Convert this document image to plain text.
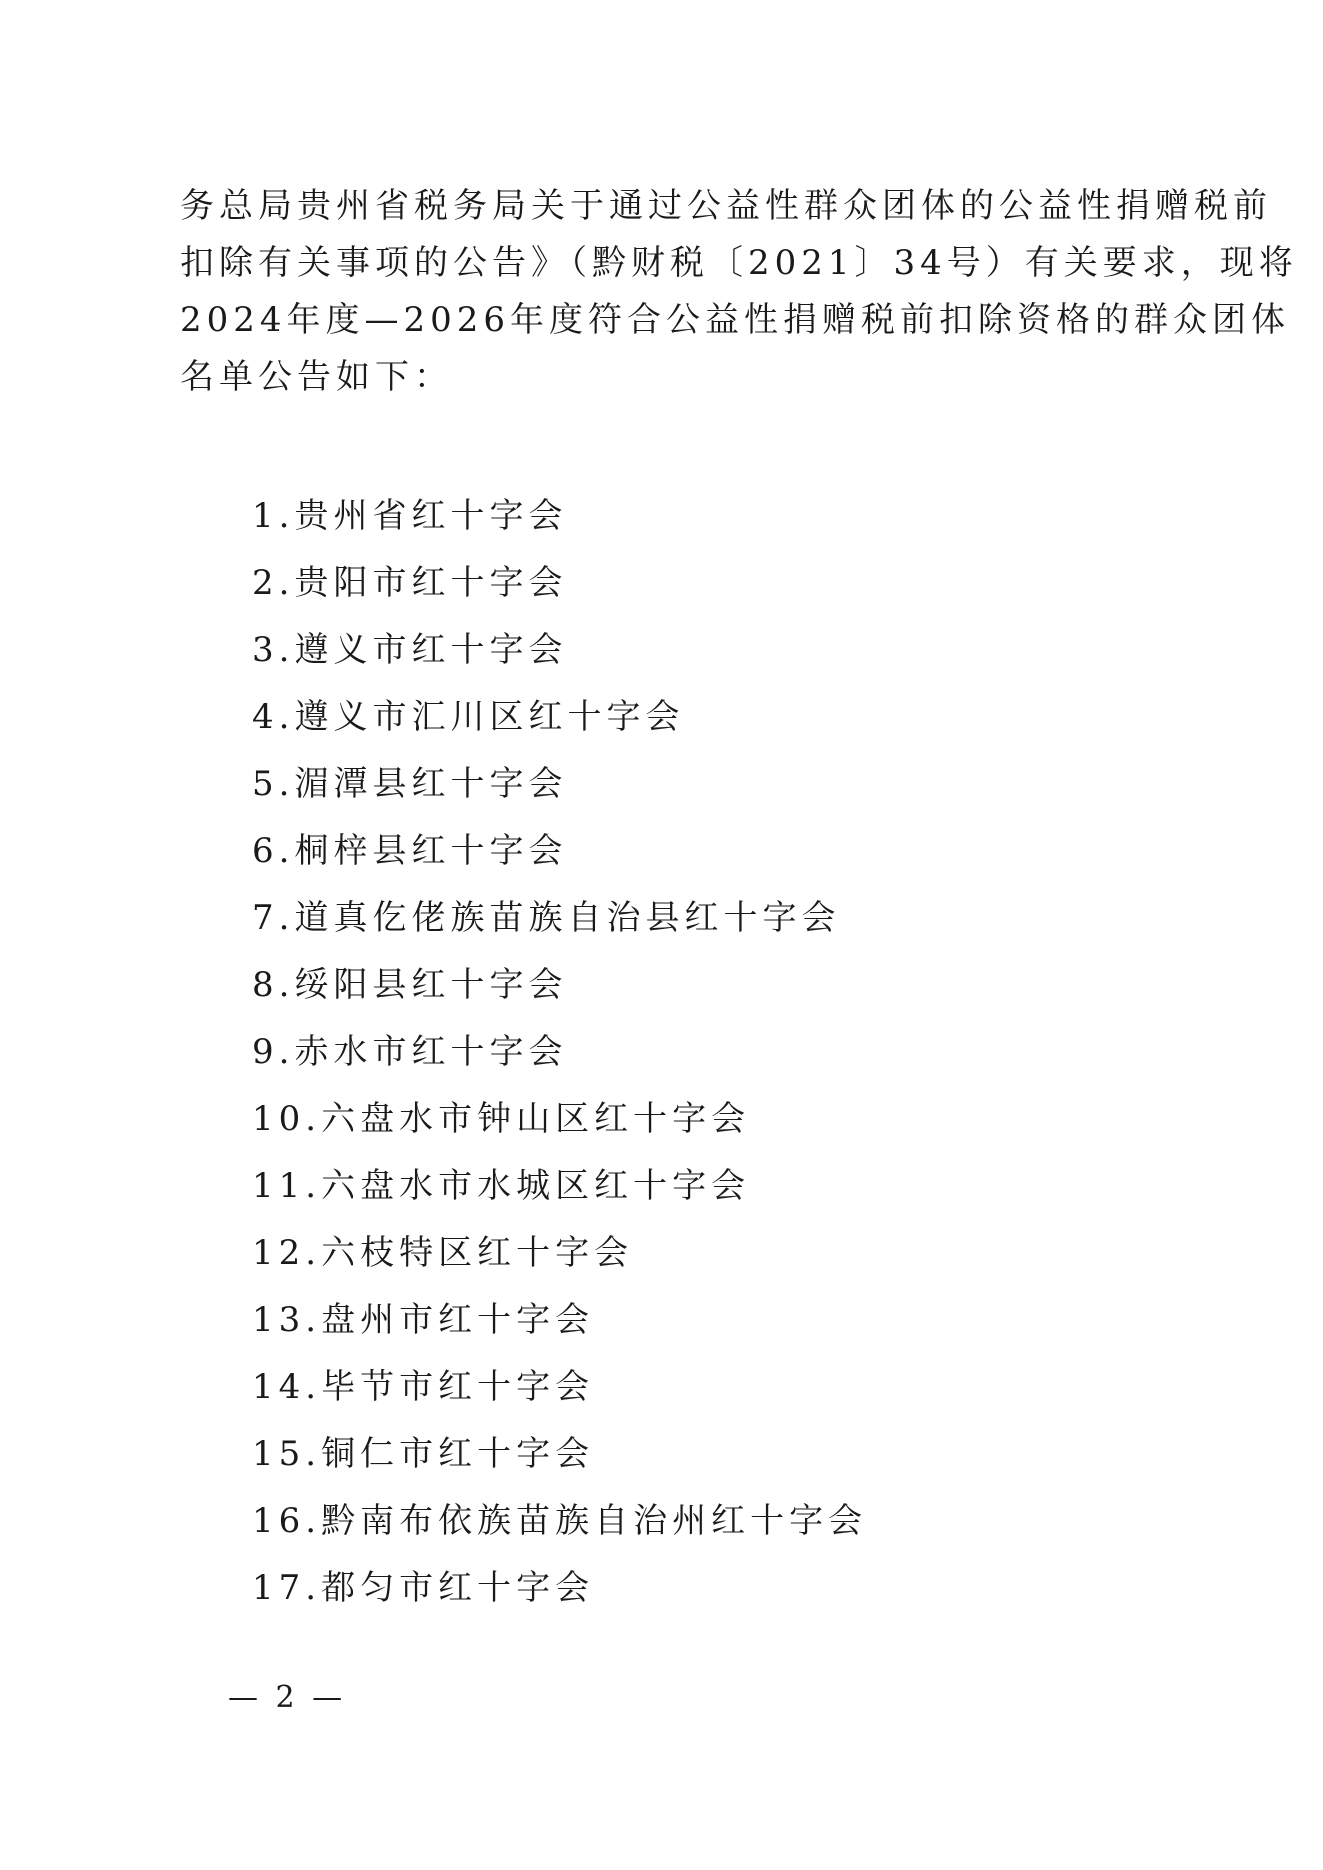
务总局贵州省税务局关于通过公益性群众团体的公益性捐赠税前
扣除有关事项的公告》（黔财税〔2021〕34号）有关要求，现将
2024年度—2026年度符合公益性捐赠税前扣除资格的群众团体
名单公告如下：
1.贵州省红十字会
2.贵阳市红十字会
3.遵义市红十字会
4.遵义市汇川区红十字会
5.湄潭县红十字会
6.桐梓县红十字会
7.道真仡佬族苗族自治县红十字会
8.绥阳县红十字会
9.赤水市红十字会
10.六盘水市钟山区红十字会
11.六盘水市水城区红十字会
12.六枝特区红十字会
13.盘州市红十字会
14.毕节市红十字会
15.铜仁市红十字会
16.黔南布依族苗族自治州红十字会
17.都匀市红十字会
— 2 —
